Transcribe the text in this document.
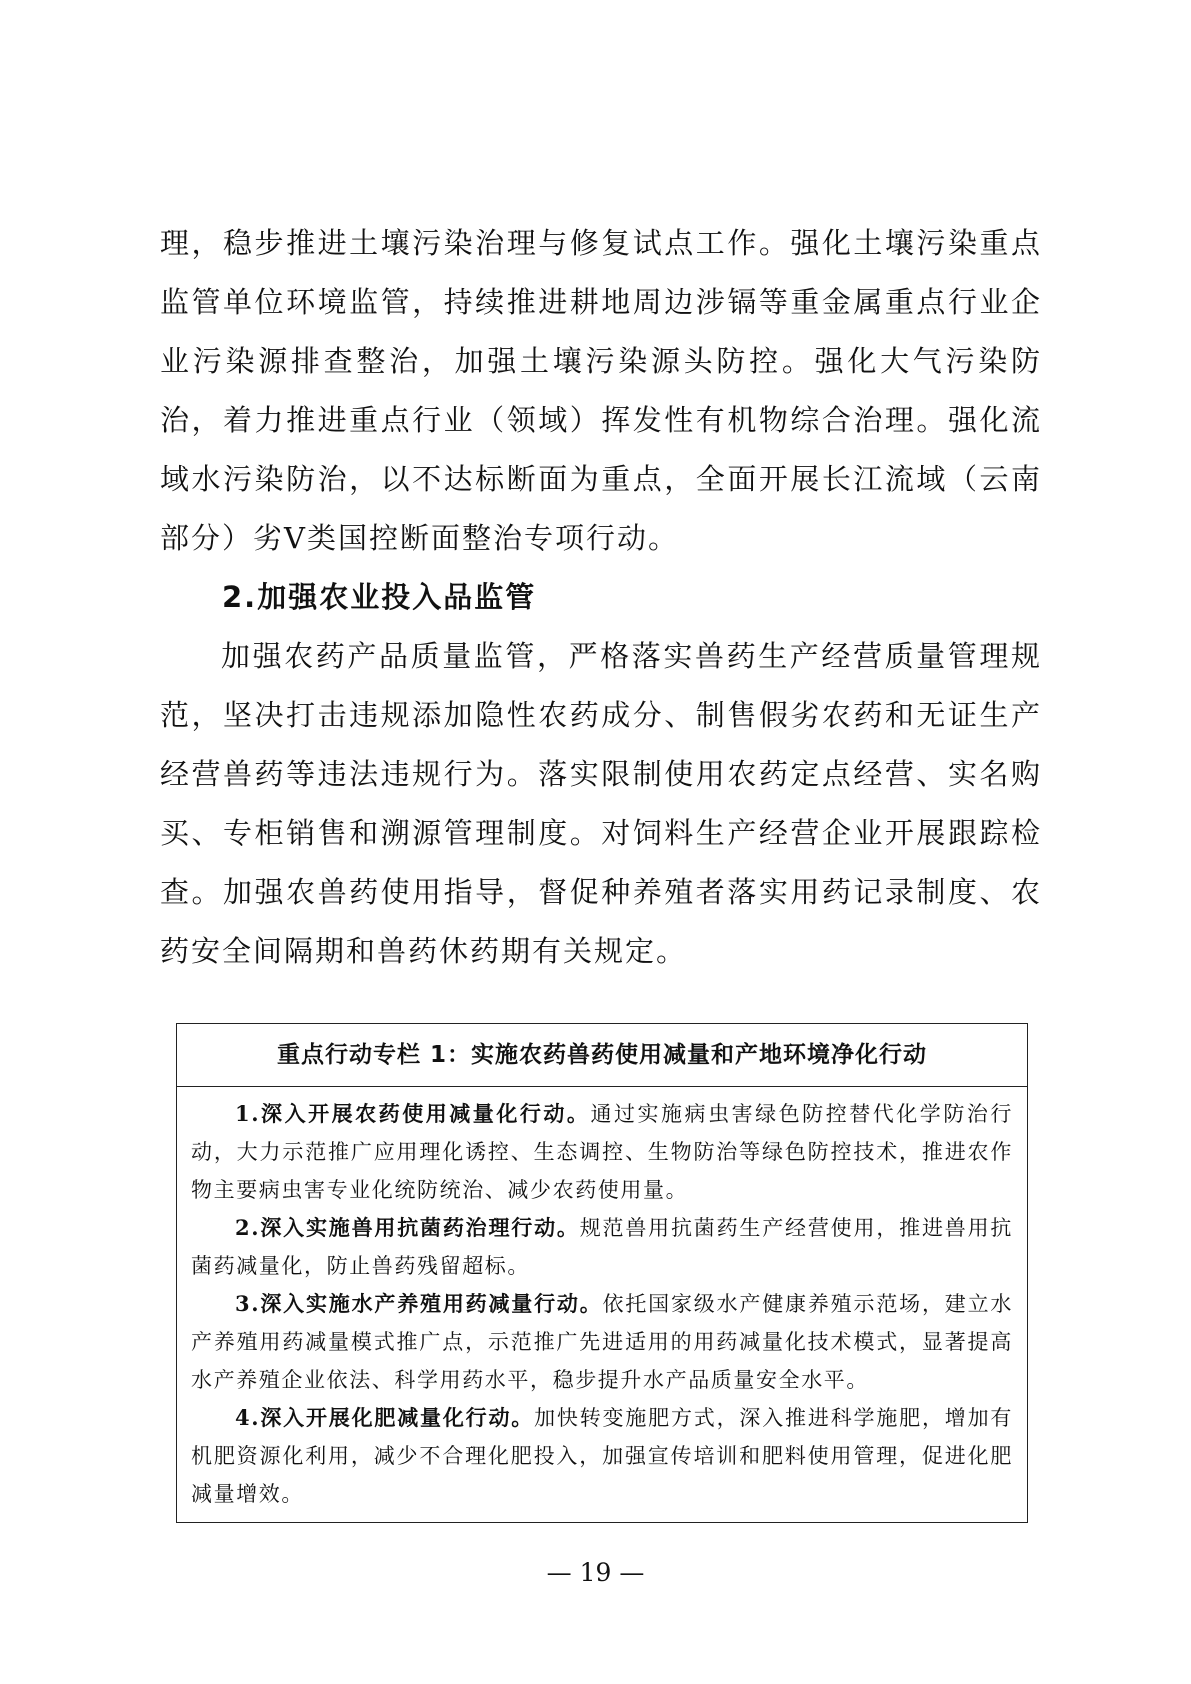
理，稳步推进土壤污染治理与修复试点工作。强化土壤污染重点监管单位环境监管，持续推进耕地周边涉镉等重金属重点行业企业污染源排查整治，加强土壤污染源头防控。强化大气污染防治，着力推进重点行业（领域）挥发性有机物综合治理。强化流域水污染防治，以不达标断面为重点，全面开展长江流域（云南部分）劣Ⅴ类国控断面整治专项行动。
2.加强农业投入品监管
加强农药产品质量监管，严格落实兽药生产经营质量管理规范，坚决打击违规添加隐性农药成分、制售假劣农药和无证生产经营兽药等违法违规行为。落实限制使用农药定点经营、实名购买、专柜销售和溯源管理制度。对饲料生产经营企业开展跟踪检查。加强农兽药使用指导，督促种养殖者落实用药记录制度、农药安全间隔期和兽药休药期有关规定。
重点行动专栏 1：实施农药兽药使用减量和产地环境净化行动

1.深入开展农药使用减量化行动。通过实施病虫害绿色防控替代化学防治行动，大力示范推广应用理化诱控、生态调控、生物防治等绿色防控技术，推进农作物主要病虫害专业化统防统治、减少农药使用量。

2.深入实施兽用抗菌药治理行动。规范兽用抗菌药生产经营使用，推进兽用抗菌药减量化，防止兽药残留超标。

3.深入实施水产养殖用药减量行动。依托国家级水产健康养殖示范场，建立水产养殖用药减量模式推广点，示范推广先进适用的用药减量化技术模式，显著提高水产养殖企业依法、科学用药水平，稳步提升水产品质量安全水平。

4.深入开展化肥减量化行动。加快转变施肥方式，深入推进科学施肥，增加有机肥资源化利用，减少不合理化肥投入，加强宣传培训和肥料使用管理，促进化肥减量增效。

— 19 —
